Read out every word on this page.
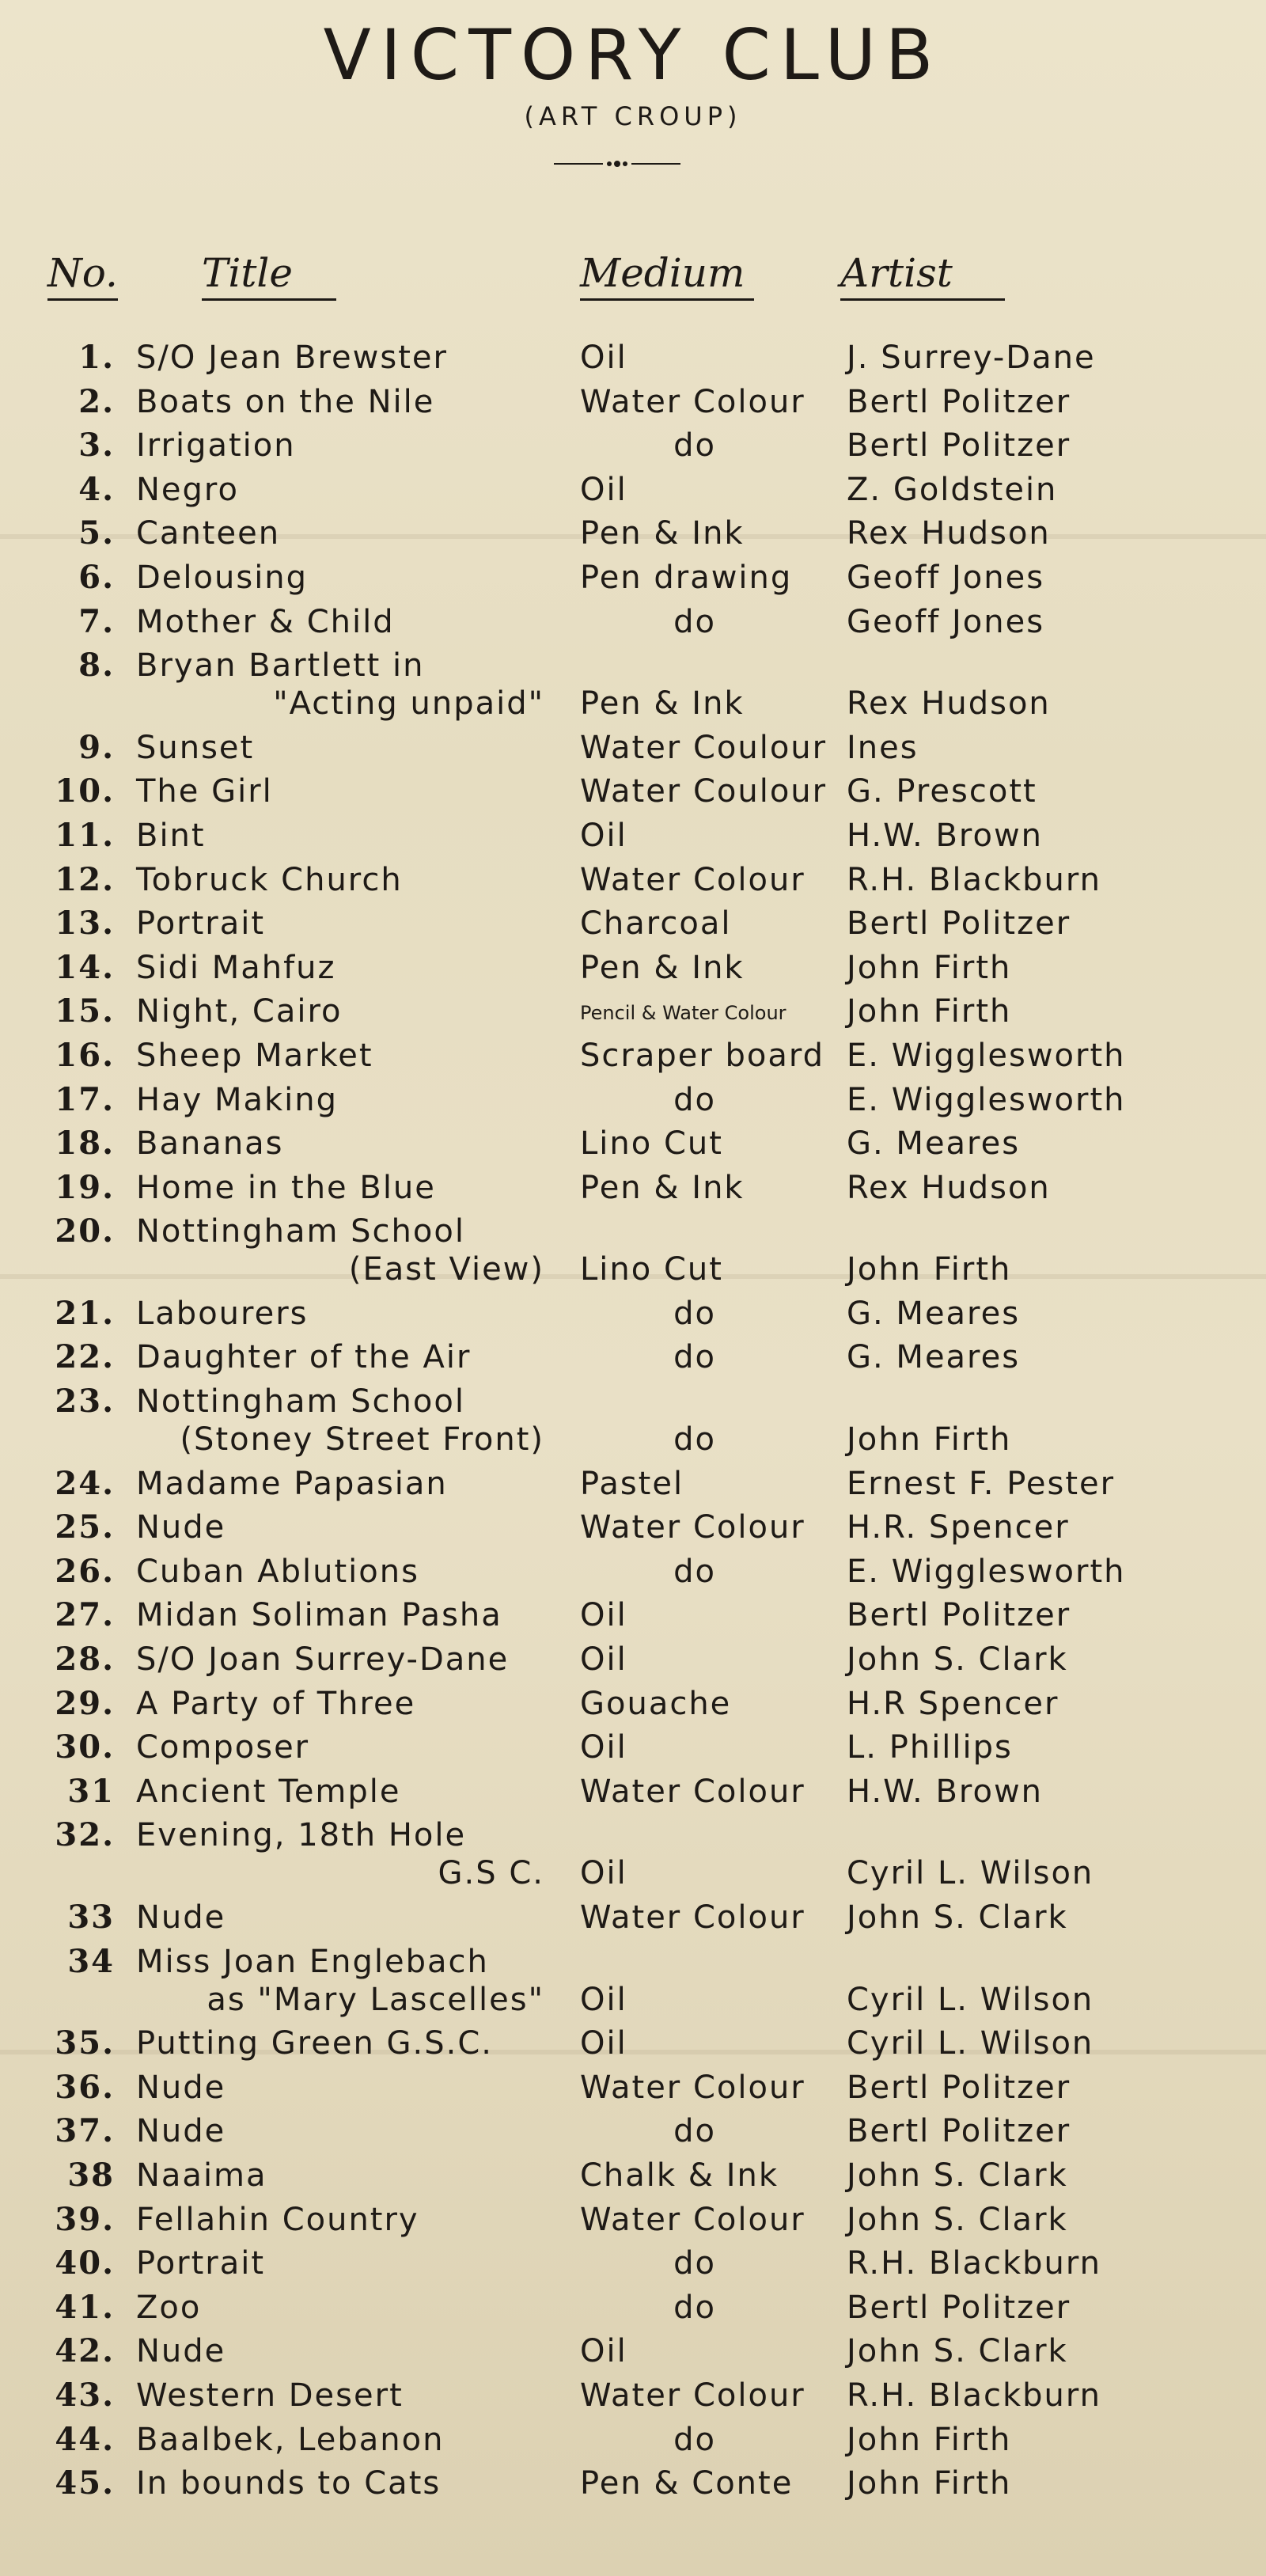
VICTORY CLUB
(ART CROUP)
No. Title	Medium Artist
1. S/O Jean Brewster	Oil	J. Surrey-Dane
2. Boats on the Nile	Water Colour Bertl Politzer
3. Irrigation	do	Bertl Politzer
4. Negro	Oil	Z. Goldstein
5. Canteen	Pen & Ink	Rex Hudson
6. Delousing	Pen drawing Geoff Jones
7. Mother & Child	do	Geoff Jones
8. Bryan Bartlett in
"Acting unpaid" Pen & Ink	Rex Hudson
9. Sunset	Water Coulour Ines
10. The Girl	Water Coulour G. Prescott
11. Bint	Oil	H.W. Brown
12. Tobruck Church	Water Colour R.H. Blackburn
13. Portrait	Charcoal	Bertl Politzer
14. Sidi Mahfuz	Pen & Ink	John Firth
15. Night, Cairo	Pencil & Water Colour John Firth
16. Sheep Market	Scraper board E. Wigglesworth
17. Hay Making	do	E. Wigglesworth
18. Bananas	Lino Cut	G. Meares
19. Home in the Blue	Pen & Ink	Rex Hudson
20. Nottingham School
(East View) Lino Cut	John Firth
21. Labourers	do	G. Meares
22. Daughter of the Air	do	G. Meares
23. Nottingham School
(Stoney Street Front)	do	John Firth
24. Madame Papasian	Pastel	Ernest F. Pester
25. Nude	Water Colour H.R. Spencer
26. Cuban Ablutions	do	E. Wigglesworth
27. Midan Soliman Pasha Oil	Bertl Politzer
28. S/O Joan Surrey-Dane Oil	John S. Clark
29. A Party of Three	Gouache	H.R Spencer
30. Composer	Oil	L. Phillips
31 Ancient Temple	Water Colour H.W. Brown
32. Evening, 18th Hole
G.S C. Oil	Cyril L. Wilson
33 Nude	Water Colour John S. Clark
34 Miss Joan Englebach
as "Mary Lascelles" Oil	Cyril L. Wilson
35. Putting Green G.S.C.	Oil	Cyril L. Wilson
36. Nude	Water Colour Bertl Politzer
37. Nude	do	Bertl Politzer
38 Naaima	Chalk & Ink John S. Clark
39. Fellahin Country	Water Colour John S. Clark
40. Portrait	do	R.H. Blackburn
41. Zoo	do	Bertl Politzer
42. Nude	Oil	John S. Clark
43. Western Desert	Water Colour R.H. Blackburn
44. Baalbek, Lebanon	do	John Firth
45. In bounds to Cats	Pen & Conte John Firth
